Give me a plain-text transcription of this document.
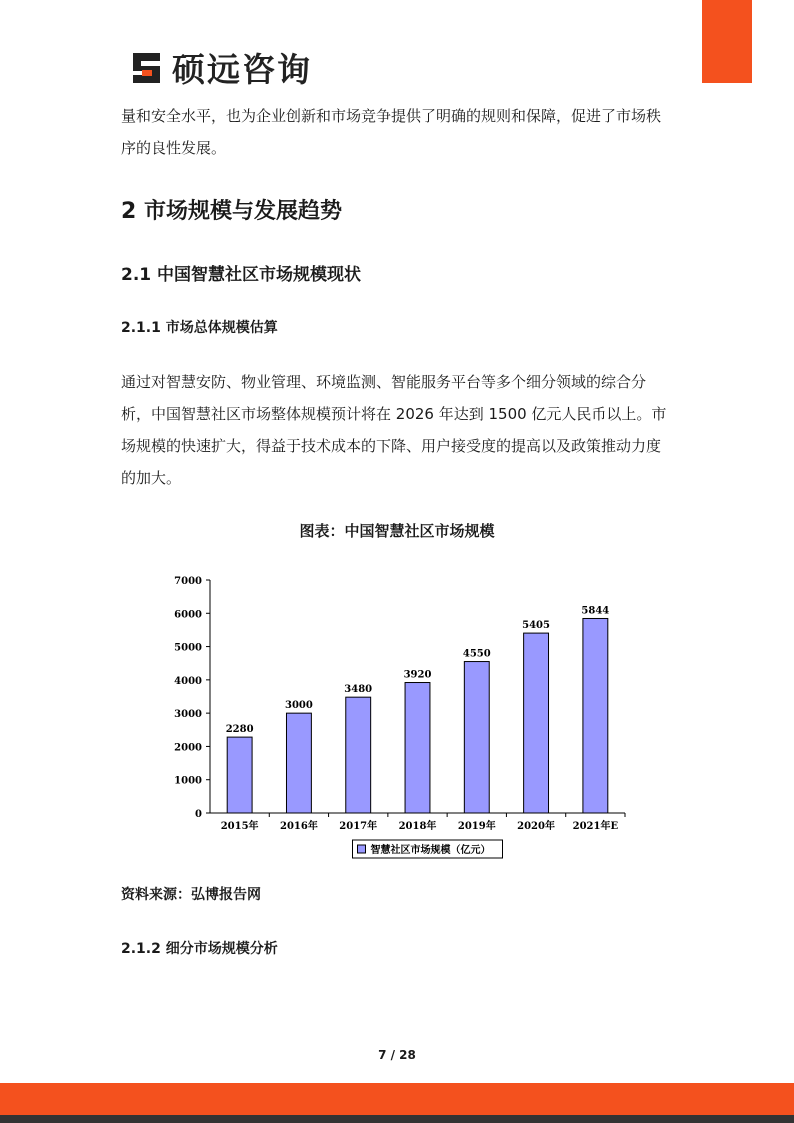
硕远咨询

量和安全水平，也为企业创新和市场竞争提供了明确的规则和保障，促进了市场秩序的良性发展。

2 市场规模与发展趋势
2.1 中国智慧社区市场规模现状
2.1.1 市场总体规模估算

通过对智慧安防、物业管理、环境监测、智能服务平台等多个细分领域的综合分析，中国智慧社区市场整体规模预计将在 2026 年达到 1500 亿元人民币以上。市场规模的快速扩大，得益于技术成本的下降、用户接受度的提高以及政策推动力度的加大。

图表：中国智慧社区市场规模

0
1000
2000
3000
4000
5000
6000
7000
2280
2015年
3000
2016年
3480
2017年
3920
2018年
4550
2019年
5405
2020年
5844
2021年E
智慧社区市场规模（亿元）

资料来源：弘博报告网

2.1.2 细分市场规模分析
7 / 28
